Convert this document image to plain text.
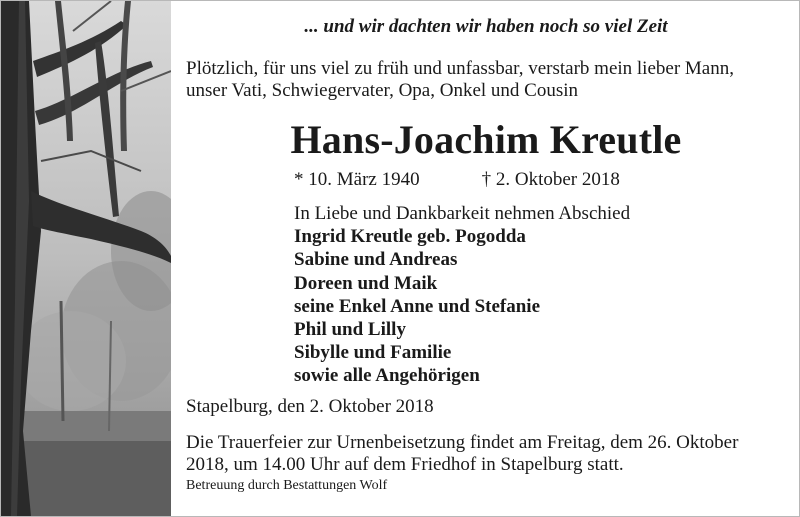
... und wir dachten wir haben noch so viel Zeit
Plötzlich, für uns viel zu früh und unfassbar, verstarb mein lieber Mann,
unser Vati, Schwiegervater, Opa, Onkel und Cousin
Hans-Joachim Kreutle
* 10. März 1940	† 2. Oktober 2018
In Liebe und Dankbarkeit nehmen Abschied
Ingrid Kreutle geb. Pogodda
Sabine und Andreas
Doreen und Maik
seine Enkel Anne und Stefanie
Phil und Lilly
Sibylle und Familie
sowie alle Angehörigen
Stapelburg, den 2. Oktober 2018
Die Trauerfeier zur Urnenbeisetzung findet am Freitag, dem 26. Oktober
2018, um 14.00 Uhr auf dem Friedhof in Stapelburg statt.
Betreuung durch Bestattungen Wolf
